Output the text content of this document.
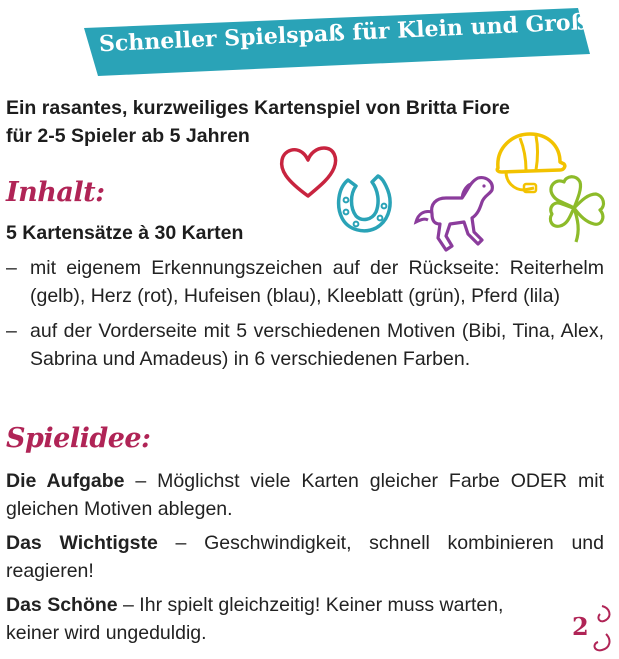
Schneller Spielspaß für Klein und Groß!
Ein rasantes, kurzweiliges Kartenspiel von Britta Fiore
für 2-5 Spieler ab 5 Jahren
Inhalt:
5 Kartensätze à 30 Karten
– mit eigenem Erkennungszeichen auf der Rückseite: Reiterhelm (gelb), Herz (rot), Hufeisen (blau), Kleeblatt (grün), Pferd (lila)
– auf der Vorderseite mit 5 verschiedenen Motiven (Bibi, Tina, Alex, Sabrina und Amadeus) in 6 verschiedenen Farben.
Spielidee:
Die Aufgabe – Möglichst viele Karten gleicher Farbe ODER mit gleichen Motiven ablegen.
Das Wichtigste – Geschwindigkeit, schnell kombinieren und reagieren!
Das Schöne – Ihr spielt gleichzeitig! Keiner muss warten, keiner wird ungeduldig.	2
